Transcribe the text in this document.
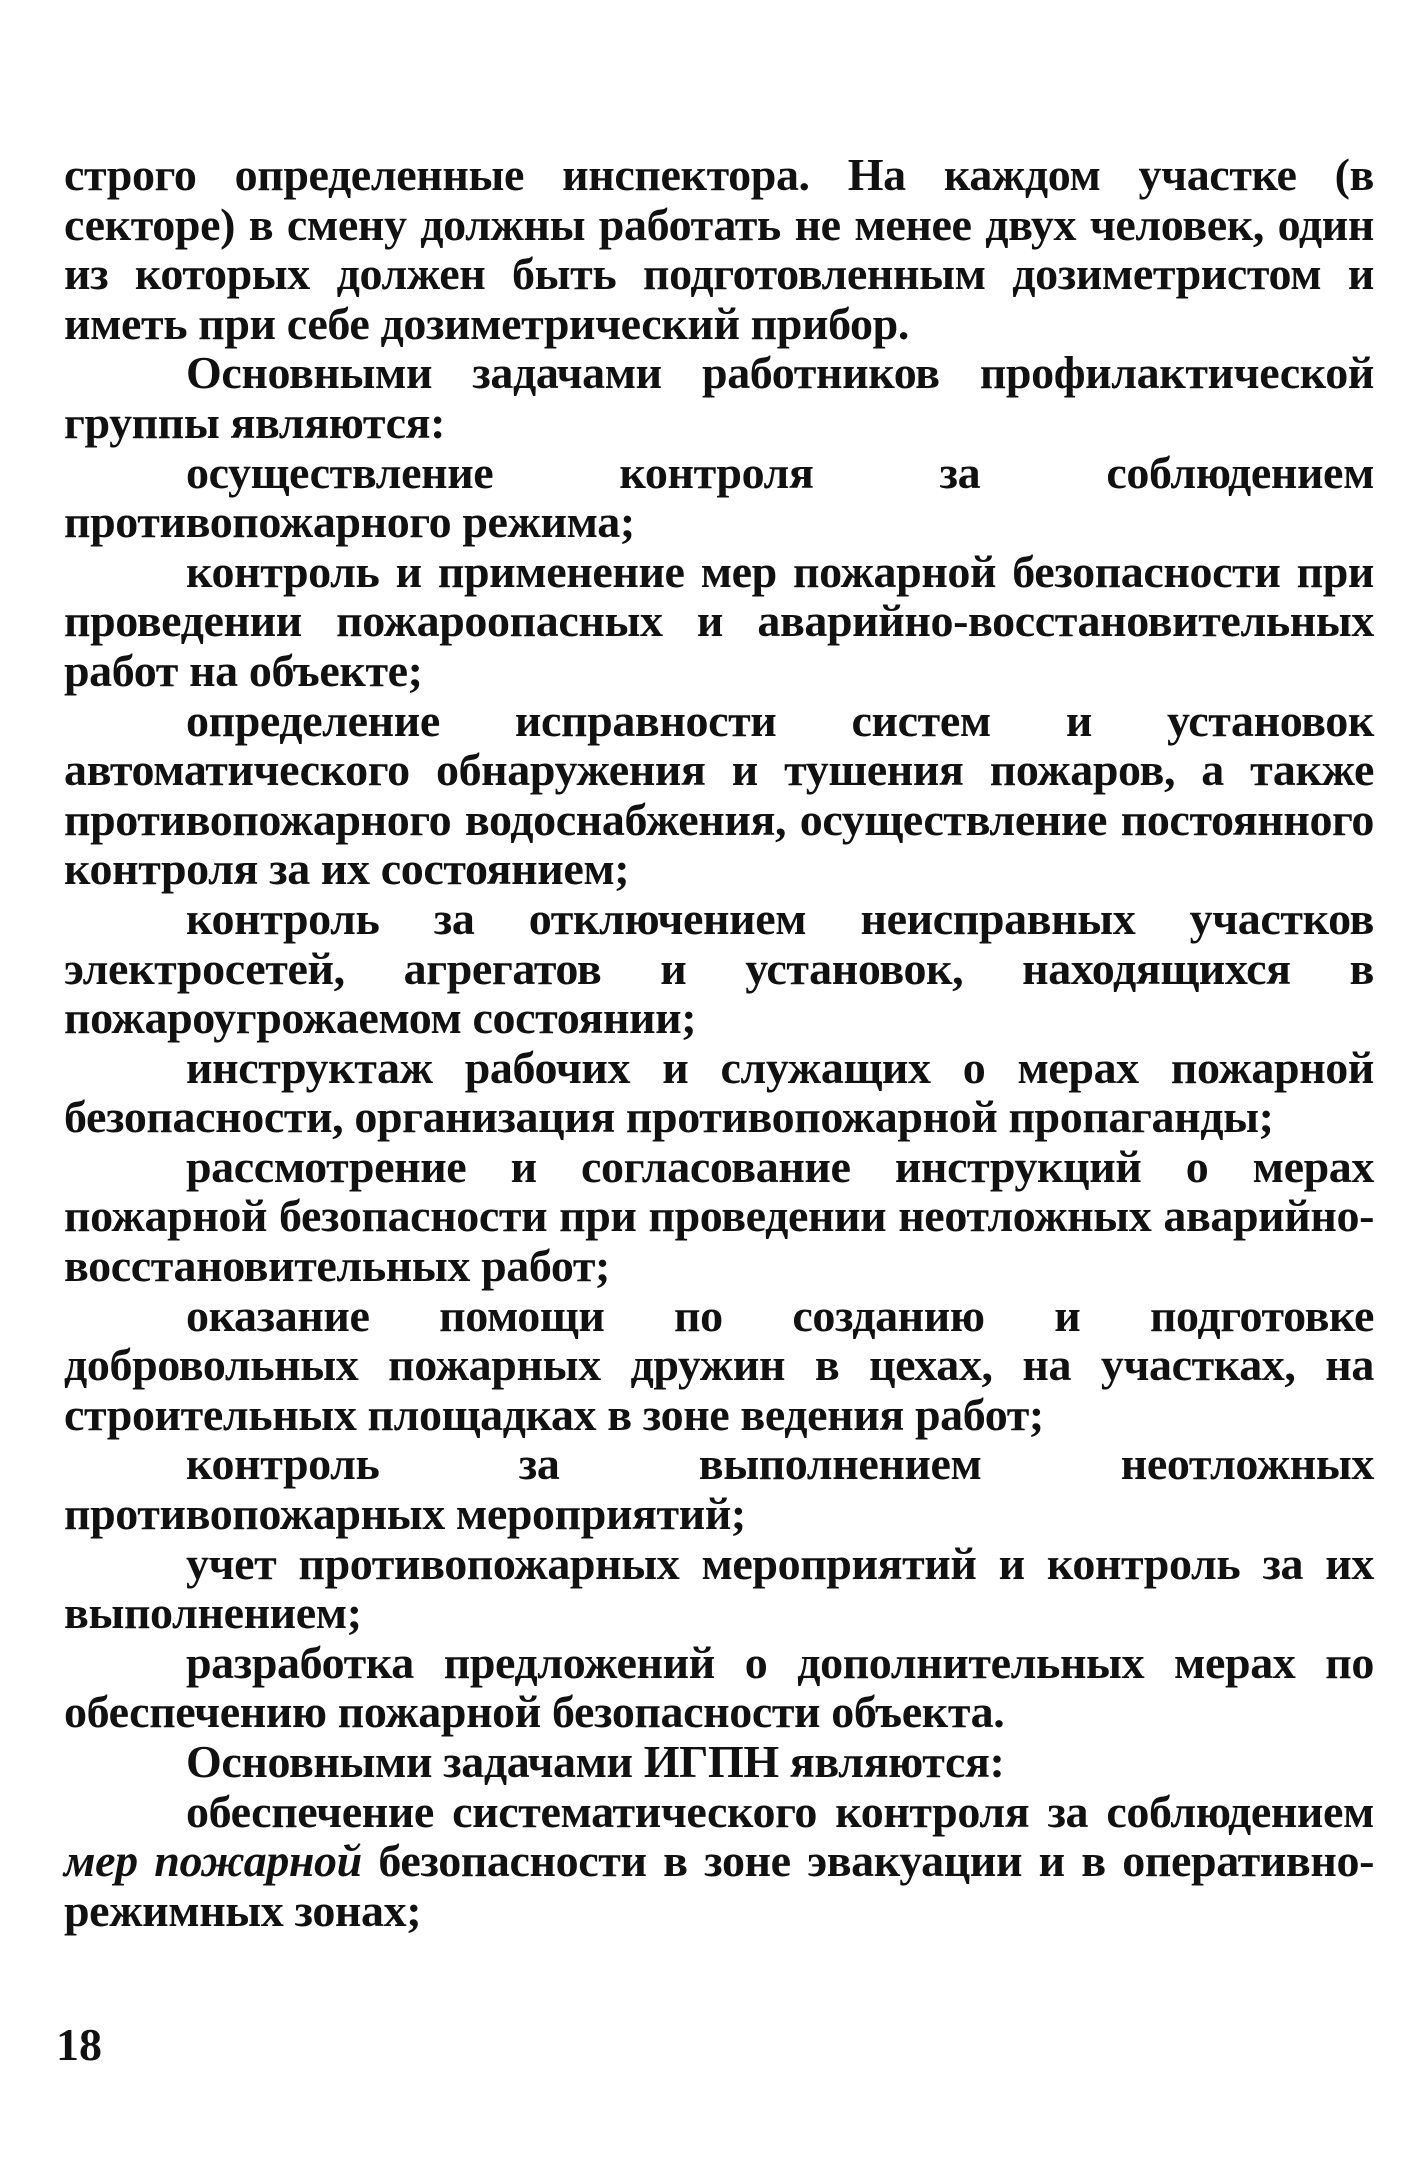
строго определенные инспектора. На каждом участке (в секторе) в смену должны работать не менее двух человек, один из которых должен быть подготовленным дозиметристом и иметь при себе дозиметрический прибор.

Основными задачами работников профилактической группы являются:

осуществление контроля за соблюдением противопожарного режима;

контроль и применение мер пожарной безопасности при проведении пожароопасных и аварийно-восстановительных работ на объекте;

определение исправности систем и установок автоматического обнаружения и тушения пожаров, а также противопожарного водоснабжения, осуществление постоянного контроля за их состоянием;

контроль за отключением неисправных участков электросетей, агрегатов и установок, находящихся в пожароугрожаемом состоянии;

инструктаж рабочих и служащих о мерах пожарной безопасности, организация противопожарной пропаганды;

рассмотрение и согласование инструкций о мерах пожарной безопасности при проведении неотложных аварийно-восстановительных работ;

оказание помощи по созданию и подготовке добровольных пожарных дружин в цехах, на участках, на строительных площадках в зоне ведения работ;

контроль за выполнением неотложных противопожарных мероприятий;

учет противопожарных мероприятий и контроль за их выполнением;

разработка предложений о дополнительных мерах по обеспечению пожарной безопасности объекта.

Основными задачами ИГПН являются:

обеспечение систематического контроля за соблюдением мер пожарной безопасности в зоне эвакуации и в оперативно-режимных зонах;

18
